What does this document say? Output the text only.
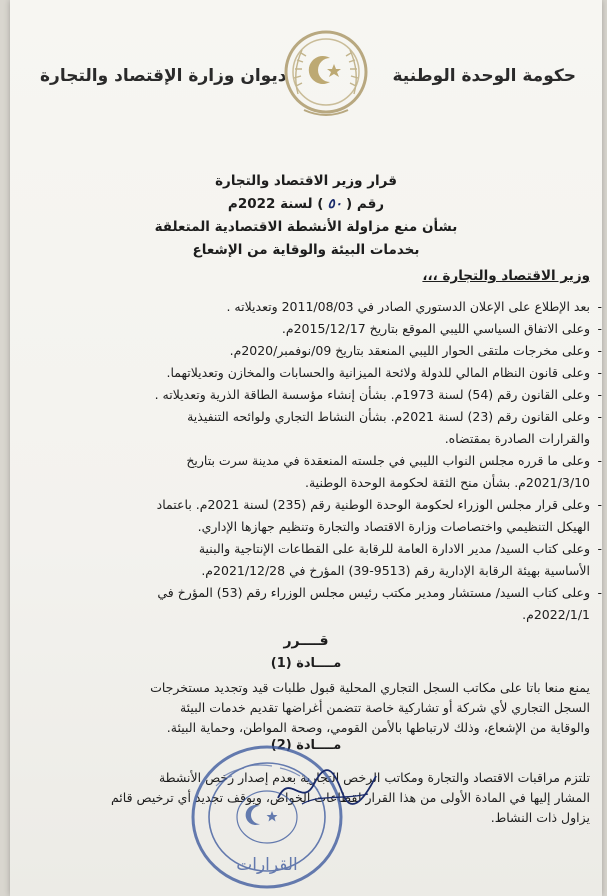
حكومة الوحدة الوطنية
ديوان وزارة الإقتصاد والتجارة
قرار وزير الاقتصاد والتجارة
رقم (٥٠) لسنة 2022م
بشأن منع مزاولة الأنشطة الاقتصادية المتعلقة
بخدمات البيئة والوقاية من الإشعاع
وزير الاقتصاد والتجارة ،،،
- بعد الإطلاع على الإعلان الدستوري الصادر في 2011/08/03 وتعديلاته .
- وعلى الاتفاق السياسي الليبي الموقع بتاريخ 2015/12/17م.
- وعلى مخرجات ملتقى الحوار الليبي المنعقد بتاريخ 09/نوفمبر/2020م.
- وعلى قانون النظام المالي للدولة ولائحة الميزانية والحسابات والمخازن وتعديلاتهما.
- وعلى القانون رقم (54) لسنة 1973م. بشأن إنشاء مؤسسة الطاقة الذرية وتعديلاته .
- وعلى القانون رقم (23) لسنة 2021م. بشأن النشاط التجاري ولوائحه التنفيذية
والقرارات الصادرة بمقتضاه.
- وعلى ما قرره مجلس النواب الليبي في جلسته المنعقدة في مدينة سرت بتاريخ
2021/3/10م. بشأن منح الثقة لحكومة الوحدة الوطنية.
- وعلى قرار مجلس الوزراء لحكومة الوحدة الوطنية رقم (235) لسنة 2021م. باعتماد
الهيكل التنظيمي واختصاصات وزارة الاقتصاد والتجارة وتنظيم جهازها الإداري.
- وعلى كتاب السيد/ مدير الادارة العامة للرقابة على القطاعات الإنتاجية والبنية
الأساسية بهيئة الرقابة الإدارية رقم (9513-39) المؤرخ في 2021/12/28م.
- وعلى كتاب السيد/ مستشار ومدير مكتب رئيس مجلس الوزراء رقم (53) المؤرخ في
2022/1/1م.
قــــرر
مــــادة (1)
يمنع منعا باتا على مكاتب السجل التجاري المحلية قبول طلبات قيد وتجديد مستخرجات
السجل التجاري لأي شركة أو تشاركية خاصة تتضمن أغراضها تقديم خدمات البيئة
والوقاية من الإشعاع، وذلك لارتباطها بالأمن القومي، وصحة المواطن، وحماية البيئة.
مــــادة (2)
تلتزم مراقبات الاقتصاد والتجارة ومكاتب الرخص التجارية بعدم إصدار رخص الأنشطة
المشار إليها في المادة الأولى من هذا القرار لقطاعات الخواص، ويوقف تجديد أي ترخيص قائم
يزاول ذات النشاط.
القرارات
